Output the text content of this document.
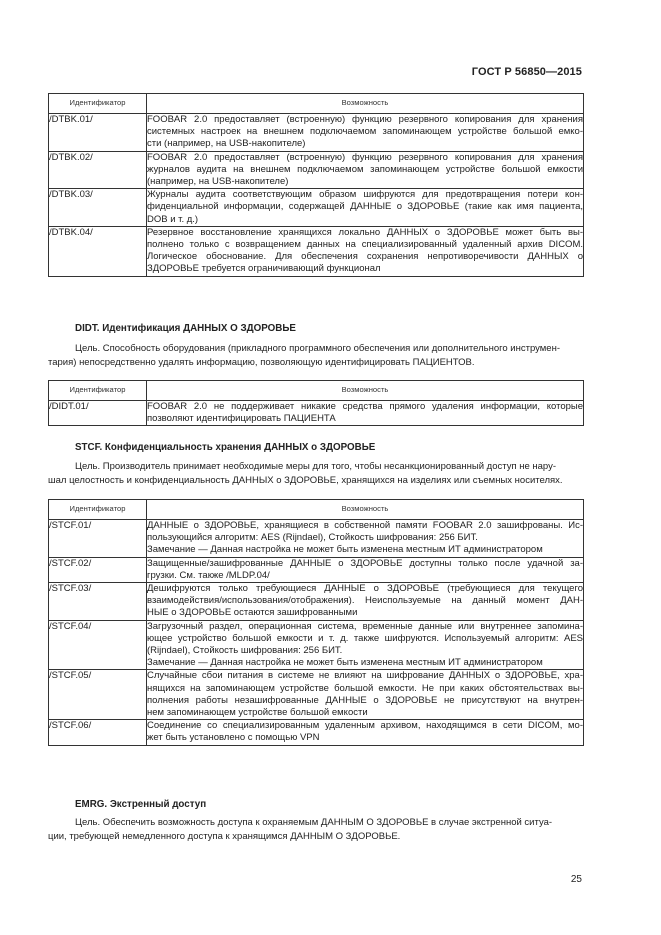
ГОСТ Р 56850—2015
Идентификатор	Возможность
/DTBK.01/	FOOBAR 2.0 предоставляет (встроенную) функцию резервного копирования для хранения
системных настроек на внешнем подключаемом запоминающем устройстве большой емко-
сти (например, на USB-накопителе)

/DTBK.02/	FOOBAR 2.0 предоставляет (встроенную) функцию резервного копирования для хранения
журналов аудита на внешнем подключаемом запоминающем устройстве большой емкости
(например, на USB-накопителе)

/DTBK.03/	Журналы аудита соответствующим образом шифруются для предотвращения потери кон-
фиденциальной информации, содержащей ДАННЫЕ о ЗДОРОВЬЕ (такие как имя пациента,
DOB и т. д.)

/DTBK.04/	Резервное восстановление хранящихся локально ДАННЫХ о ЗДОРОВЬЕ может быть вы-
полнено только с возвращением данных на специализированный удаленный архив DICOM.
Логическое обоснование. Для обеспечения сохранения непротиворечивости ДАННЫХ о
ЗДОРОВЬЕ требуется ограничивающий функционал
DIDT. Идентификация ДАННЫХ О ЗДОРОВЬЕ
Цель. Способность оборудования (прикладного программного обеспечения или дополнительного инструмен-
тария) непосредственно удалять информацию, позволяющую идентифицировать ПАЦИЕНТОВ.
Идентификатор	Возможность
/DIDT.01/	FOOBAR 2.0 не поддерживает никакие средства прямого удаления информации, которые
позволяют идентифицировать ПАЦИЕНТА
STCF. Конфиденциальность хранения ДАННЫХ о ЗДОРОВЬЕ
Цель. Производитель принимает необходимые меры для того, чтобы несанкционированный доступ не нару-
шал целостность и конфиденциальность ДАННЫХ о ЗДОРОВЬЕ, хранящихся на изделиях или съемных носителях.
Идентификатор	Возможность
/STCF.01/	ДАННЫЕ о ЗДОРОВЬЕ, хранящиеся в собственной памяти FOOBAR 2.0 зашифрованы. Ис-
пользующийся алгоритм: AES (Rijndael), Стойкость шифрования: 256 БИТ.
Замечание — Данная настройка не может быть изменена местным ИТ администратором

/STCF.02/	Защищенные/зашифрованные ДАННЫЕ о ЗДОРОВЬЕ доступны только после удачной за-
грузки. См. также /MLDP.04/

/STCF.03/	Дешифруются только требующиеся ДАННЫЕ о ЗДОРОВЬЕ (требующиеся для текущего
взаимодействия/использования/отображения). Неиспользуемые на данный момент ДАН-
НЫЕ о ЗДОРОВЬЕ остаются зашифрованными

/STCF.04/	Загрузочный раздел, операционная система, временные данные или внутреннее запомина-
ющее устройство большой емкости и т. д. также шифруются. Используемый алгоритм: AES
(Rijndael), Стойкость шифрования: 256 БИТ.
Замечание — Данная настройка не может быть изменена местным ИТ администратором

/STCF.05/	Случайные сбои питания в системе не влияют на шифрование ДАННЫХ о ЗДОРОВЬЕ, хра-
нящихся на запоминающем устройстве большой емкости. Не при каких обстоятельствах вы-
полнения работы незашифрованные ДАННЫЕ о ЗДОРОВЬЕ не присутствуют на внутрен-
нем запоминающем устройстве большой емкости

/STCF.06/	Соединение со специализированным удаленным архивом, находящимся в сети DICOM, мо-
жет быть установлено с помощью VPN
EMRG. Экстренный доступ
Цель. Обеспечить возможность доступа к охраняемым ДАННЫМ О ЗДОРОВЬЕ в случае экстренной ситуа-
ции, требующей немедленного доступа к хранящимся ДАННЫМ О ЗДОРОВЬЕ.
25
